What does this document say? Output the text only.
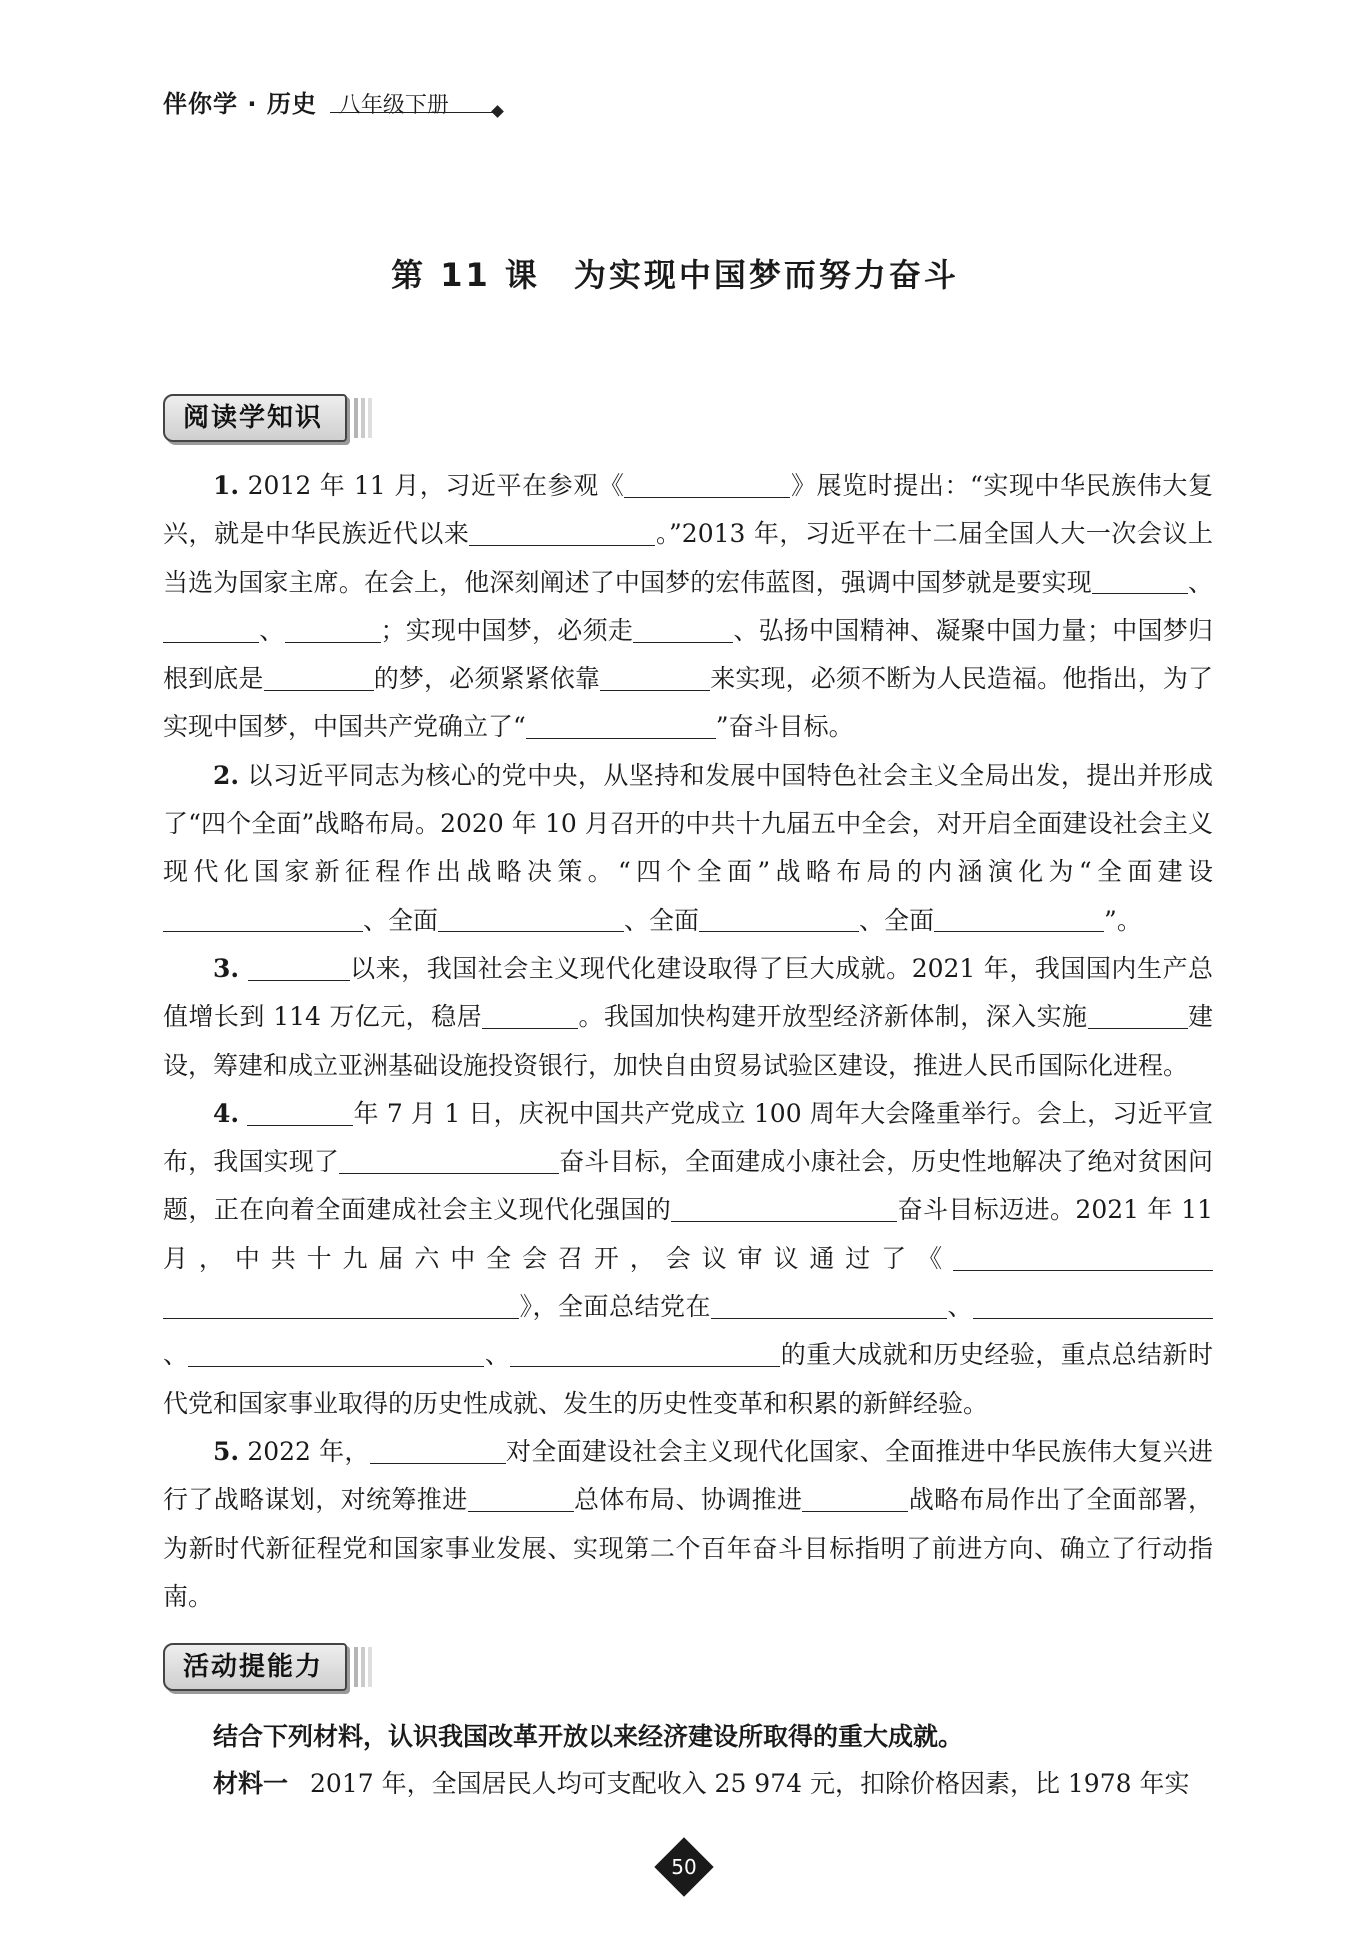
伴你学 · 历史 八年级下册
第 11 课 为实现中国梦而努力奋斗
阅读学知识

1. 2012 年 11 月，习近平在参观《	》展览时提出：“实现中华民族伟大复兴，就是中华民族近代以来	。”2013 年，习近平在十二届全国人大一次会议上当选为国家主席。在会上，他深刻阐述了中国梦的宏伟蓝图，强调中国梦就是要实现	、、	；实现中国梦，必须走	、弘扬中国精神、凝聚中国力量；中国梦归根到底是	的梦，必须紧紧依靠	来实现，必须不断为人民造福。他指出，为了实现中国梦，中国共产党确立了“	”奋斗目标。

2. 以习近平同志为核心的党中央，从坚持和发展中国特色社会主义全局出发，提出并形成了“四个全面”战略布局。2020 年 10 月召开的中共十九届五中全会，对开启全面建设社会主义现代化国家新征程作出战略决策。“四个全面”战略布局的内涵演化为“全面建设、全面	、全面	、全面	”。

3.	以来，我国社会主义现代化建设取得了巨大成就。2021 年，我国国内生产总值增长到 114 万亿元，稳居	。我国加快构建开放型经济新体制，深入实施	建设，筹建和成立亚洲基础设施投资银行，加快自由贸易试验区建设，推进人民币国际化进程。

4.	年 7 月 1 日，庆祝中国共产党成立 100 周年大会隆重举行。会上，习近平宣布，我国实现了	奋斗目标，全面建成小康社会，历史性地解决了绝对贫困问题，正在向着全面建成社会主义现代化强国的	奋斗目标迈进。2021 年 11 月，中共十九届六中全会召开，会议审议通过了《》，全面总结党在	、、	、	的重大成就和历史经验，重点总结新时代党和国家事业取得的历史性成就、发生的历史性变革和积累的新鲜经验。

5. 2022 年，	对全面建设社会主义现代化国家、全面推进中华民族伟大复兴进行了战略谋划，对统筹推进	总体布局、协调推进	战略布局作出了全面部署，为新时代新征程党和国家事业发展、实现第二个百年奋斗目标指明了前进方向、确立了行动指南。

活动提能力

结合下列材料，认识我国改革开放以来经济建设所取得的重大成就。

材料一 2017 年，全国居民人均可支配收入 25 974 元，扣除价格因素，比 1978 年实

50
